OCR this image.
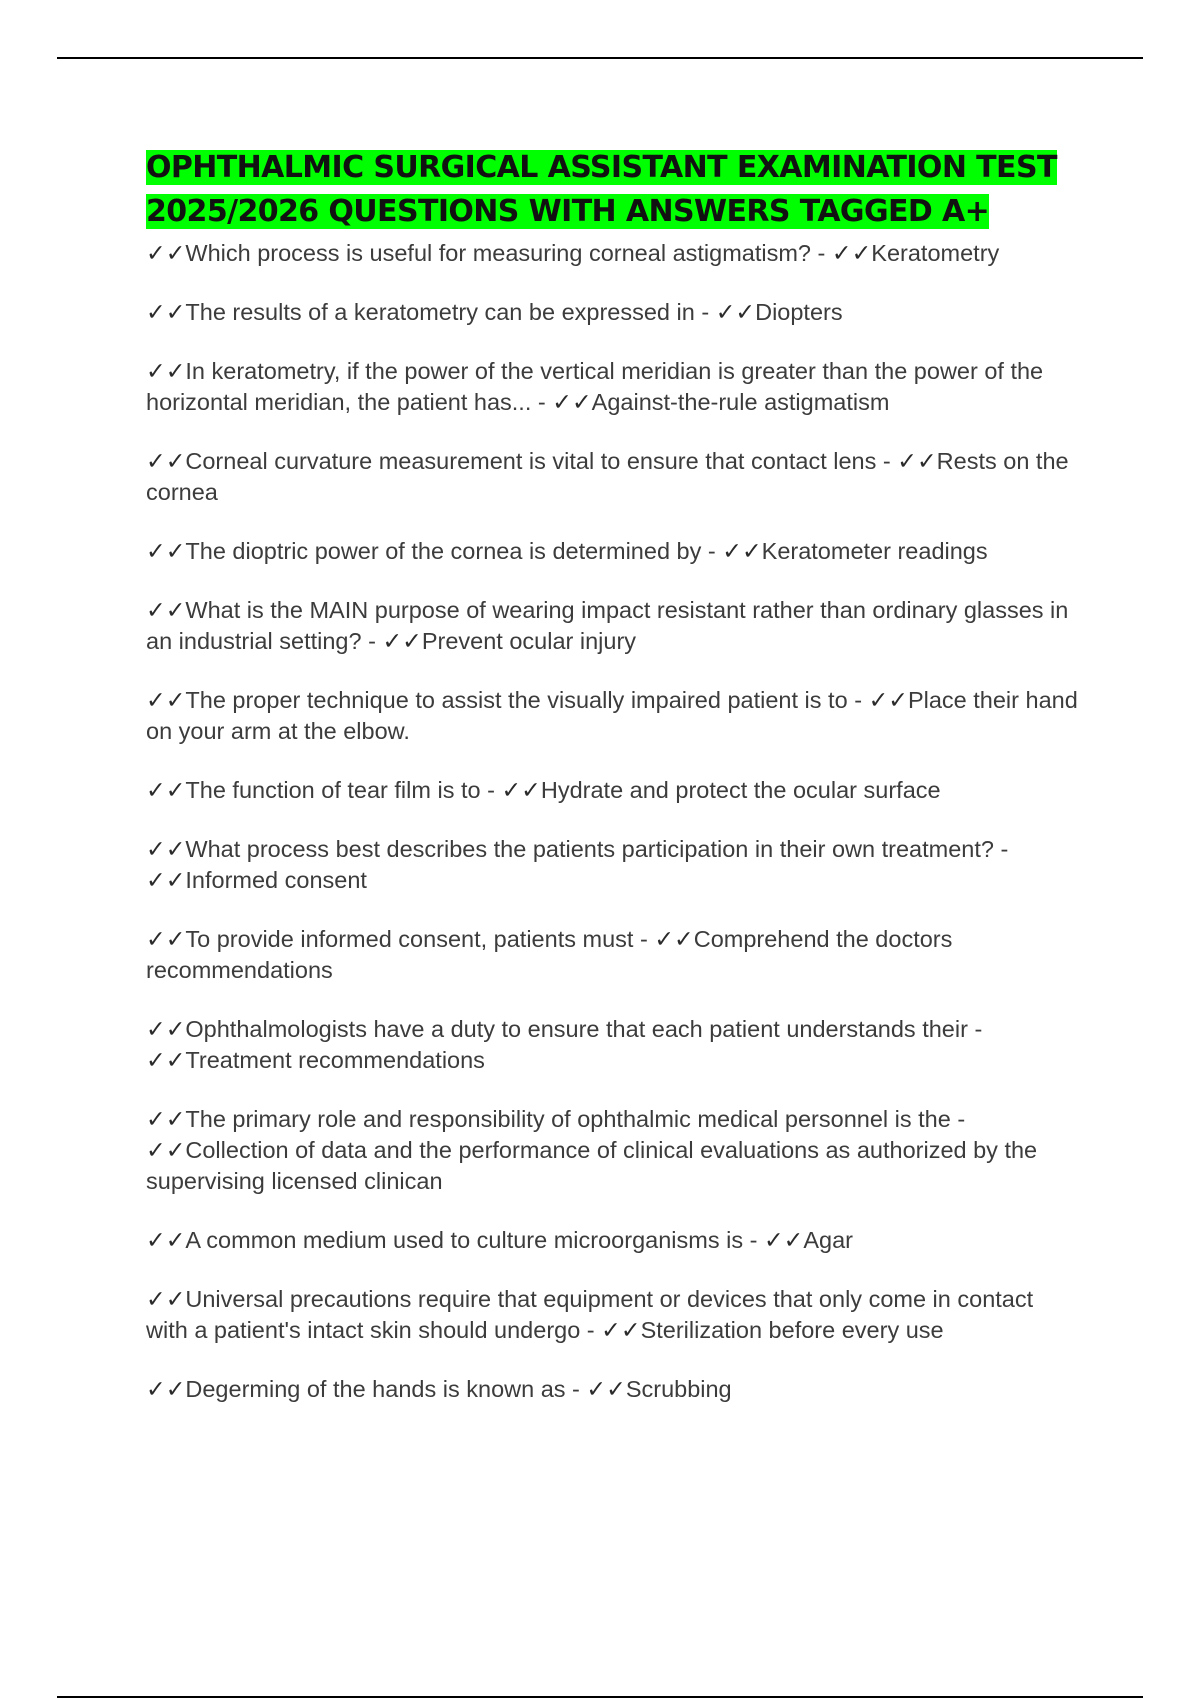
OPHTHALMIC SURGICAL ASSISTANT EXAMINATION TEST
2025/2026 QUESTIONS WITH ANSWERS TAGGED A+
✓✓Which process is useful for measuring corneal astigmatism? - ✓✓Keratometry
✓✓The results of a keratometry can be expressed in - ✓✓Diopters
✓✓In keratometry, if the power of the vertical meridian is greater than the power of the horizontal meridian, the patient has... - ✓✓Against-the-rule astigmatism
✓✓Corneal curvature measurement is vital to ensure that contact lens - ✓✓Rests on the cornea
✓✓The dioptric power of the cornea is determined by - ✓✓Keratometer readings
✓✓What is the MAIN purpose of wearing impact resistant rather than ordinary glasses in an industrial setting? - ✓✓Prevent ocular injury
✓✓The proper technique to assist the visually impaired patient is to - ✓✓Place their hand on your arm at the elbow.
✓✓The function of tear film is to - ✓✓Hydrate and protect the ocular surface
✓✓What process best describes the patients participation in their own treatment? - ✓✓Informed consent
✓✓To provide informed consent, patients must - ✓✓Comprehend the doctors recommendations
✓✓Ophthalmologists have a duty to ensure that each patient understands their - ✓✓Treatment recommendations
✓✓The primary role and responsibility of ophthalmic medical personnel is the - ✓✓Collection of data and the performance of clinical evaluations as authorized by the supervising licensed clinican
✓✓A common medium used to culture microorganisms is - ✓✓Agar
✓✓Universal precautions require that equipment or devices that only come in contact with a patient's intact skin should undergo - ✓✓Sterilization before every use
✓✓Degerming of the hands is known as - ✓✓Scrubbing
